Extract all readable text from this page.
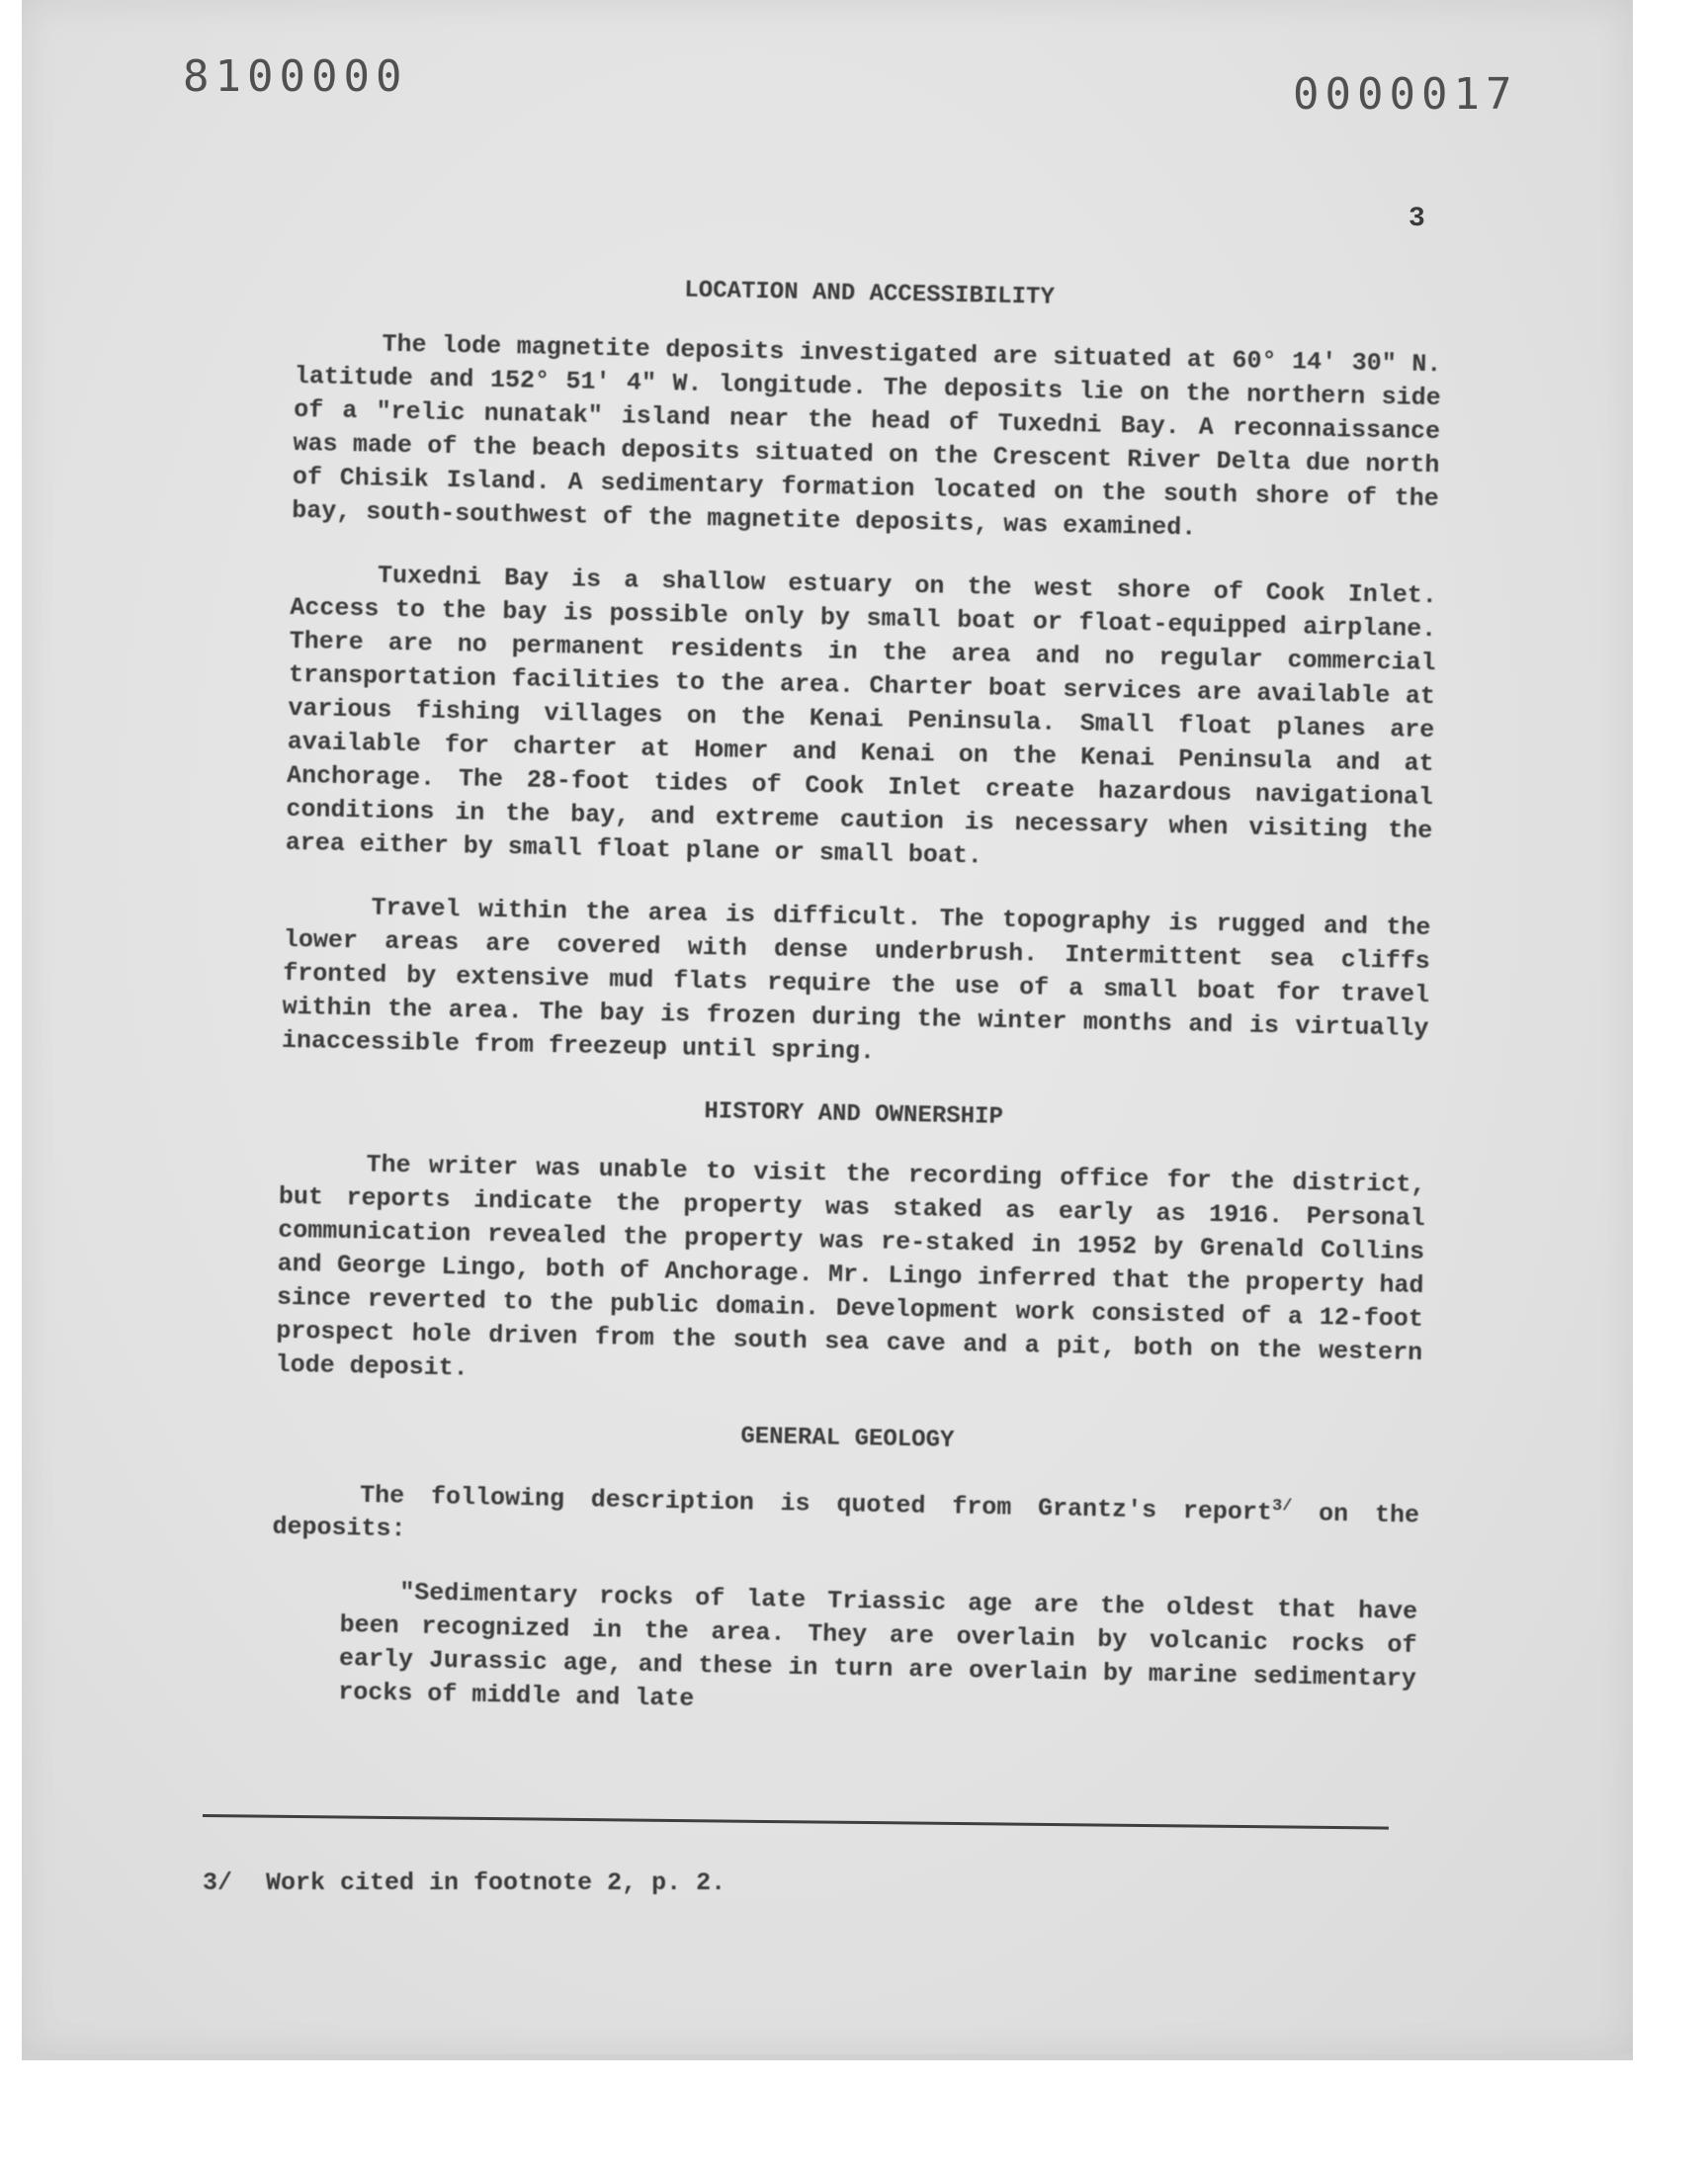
8100000	0000017
3
LOCATION AND ACCESSIBILITY

The lode magnetite deposits investigated are situated at 60° 14' 30" N. latitude and 152° 51' 4" W. longitude. The deposits lie on the northern side of a "relic nunatak" island near the head of Tuxedni Bay. A reconnaissance was made of the beach deposits situated on the Crescent River Delta due north of Chisik Island. A sedimentary formation located on the south shore of the bay, south-southwest of the magnetite deposits, was examined.

Tuxedni Bay is a shallow estuary on the west shore of Cook Inlet. Access to the bay is possible only by small boat or float-equipped airplane. There are no permanent residents in the area and no regular commercial transportation facilities to the area. Charter boat services are available at various fishing villages on the Kenai Peninsula. Small float planes are available for charter at Homer and Kenai on the Kenai Peninsula and at Anchorage. The 28-foot tides of Cook Inlet create hazardous navigational conditions in the bay, and extreme caution is necessary when visiting the area either by small float plane or small boat.

Travel within the area is difficult. The topography is rugged and the lower areas are covered with dense underbrush. Intermittent sea cliffs fronted by extensive mud flats require the use of a small boat for travel within the area. The bay is frozen during the winter months and is virtually inaccessible from freezeup until spring.

HISTORY AND OWNERSHIP

The writer was unable to visit the recording office for the district, but reports indicate the property was staked as early as 1916. Personal communication revealed the property was re-staked in 1952 by Grenald Collins and George Lingo, both of Anchorage. Mr. Lingo inferred that the property had since reverted to the public domain. Development work consisted of a 12-foot prospect hole driven from the south sea cave and a pit, both on the western lode deposit.

GENERAL GEOLOGY

The following description is quoted from Grantz's report$^{3/}$ on the deposits:

"Sedimentary rocks of late Triassic age are the oldest that have been recognized in the area. They are overlain by volcanic rocks of early Jurassic age, and these in turn are overlain by marine sedimentary rocks of middle and late

3/ Work cited in footnote 2, p. 2.
